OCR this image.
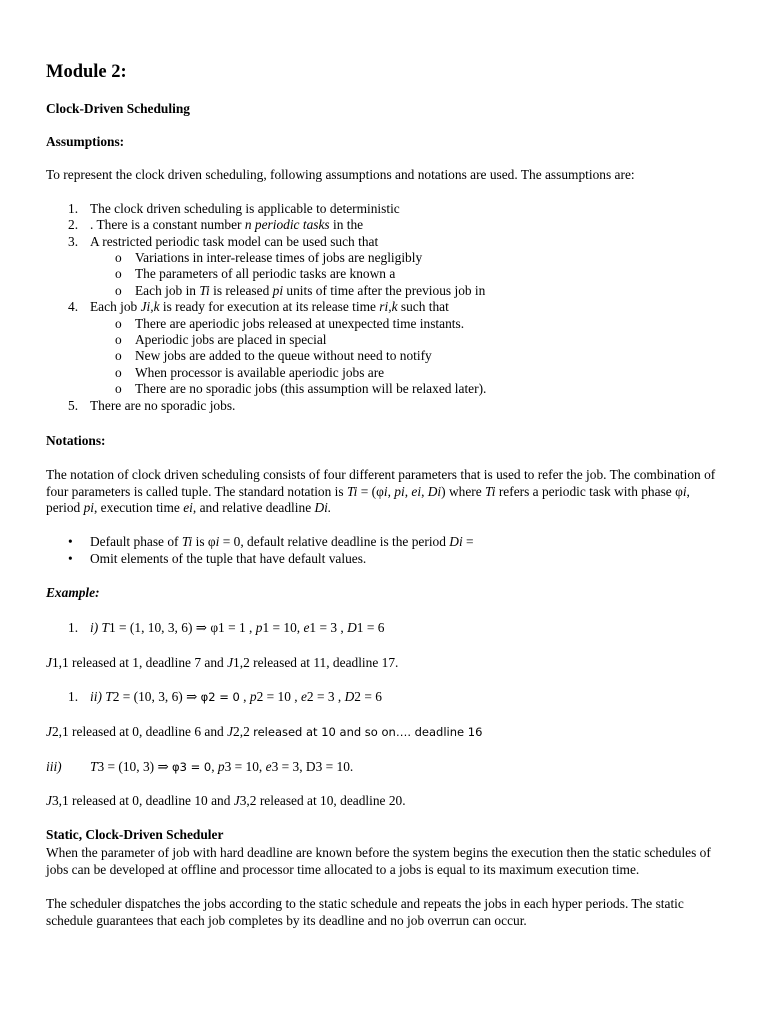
Module 2:
Clock-Driven Scheduling
Assumptions:
To represent the clock driven scheduling, following assumptions and notations are used. The assumptions are:
1. The clock driven scheduling is applicable to deterministic
2. . There is a constant number n periodic tasks in the
3. A restricted periodic task model can be used such that
o Variations in inter-release times of jobs are negligibly
o The parameters of all periodic tasks are known a
o Each job in Ti is released pi units of time after the previous job in
4. Each job Ji,k is ready for execution at its release time ri,k such that
o There are aperiodic jobs released at unexpected time instants.
o Aperiodic jobs are placed in special
o New jobs are added to the queue without need to notify
o When processor is available aperiodic jobs are
o There are no sporadic jobs (this assumption will be relaxed later).
5. There are no sporadic jobs.
Notations:

The notation of clock driven scheduling consists of four different parameters that is used to refer the job. The combination of four parameters is called tuple. The standard notation is Ti = (φi, pi, ei, Di) where Ti refers a periodic task with phase φi, period pi, execution time ei, and relative deadline Di.

• Default phase of Ti is φi = 0, default relative deadline is the period Di =
• Omit elements of the tuple that have default values.
Example:
1. i) T1 = (1, 10, 3, 6) ⇒ φ1 = 1 , p1 = 10, e1 = 3 , D1 = 6
J1,1 released at 1, deadline 7 and J1,2 released at 11, deadline 17.
1. ii) T2 = (10, 3, 6) ⇒ φ2 = 0 , p2 = 10 , e2 = 3 , D2 = 6
J2,1 released at 0, deadline 6 and J2,2 released at 10 and so on…. deadline 16
iii) T3 = (10, 3) ⇒ φ3 = 0, p3 = 10, e3 = 3, D3 = 10.
J3,1 released at 0, deadline 10 and J3,2 released at 10, deadline 20.
Static, Clock-Driven Scheduler

When the parameter of job with hard deadline are known before the system begins the execution then the static schedules of jobs can be developed at offline and processor time allocated to a jobs is equal to its maximum execution time.

The scheduler dispatches the jobs according to the static schedule and repeats the jobs in each hyper periods. The static schedule guarantees that each job completes by its deadline and no job overrun can occur.
